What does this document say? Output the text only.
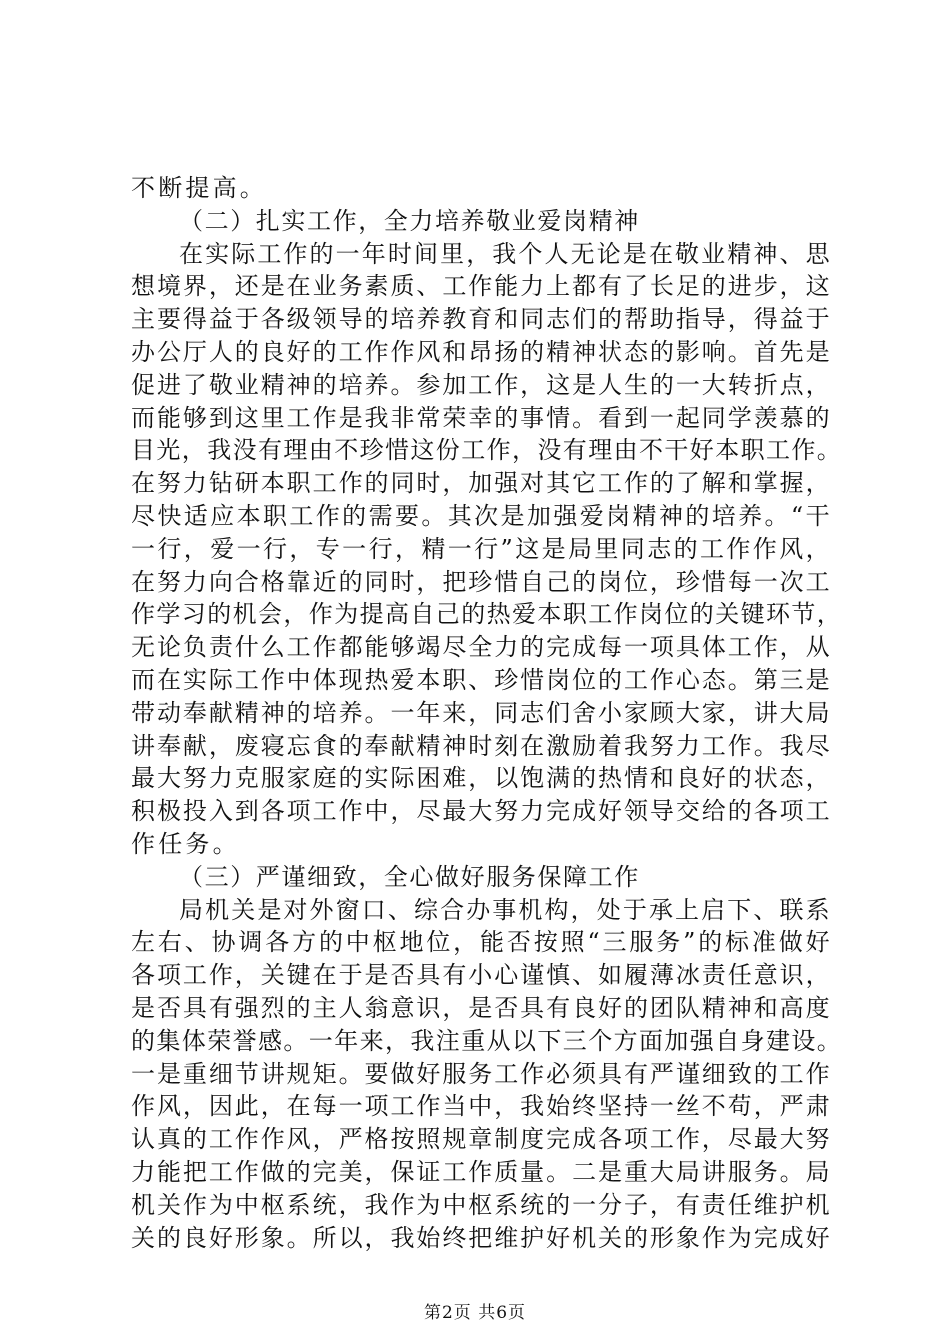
不断提高。
（二）扎实工作，全力培养敬业爱岗精神
在实际工作的一年时间里，我个人无论是在敬业精神、思
想境界，还是在业务素质、工作能力上都有了长足的进步，这
主要得益于各级领导的培养教育和同志们的帮助指导，得益于
办公厅人的良好的工作作风和昂扬的精神状态的影响。首先是
促进了敬业精神的培养。参加工作，这是人生的一大转折点，
而能够到这里工作是我非常荣幸的事情。看到一起同学羡慕的
目光，我没有理由不珍惜这份工作，没有理由不干好本职工作。
在努力钻研本职工作的同时，加强对其它工作的了解和掌握，
尽快适应本职工作的需要。其次是加强爱岗精神的培养。“干
一行，爱一行，专一行，精一行”这是局里同志的工作作风，
在努力向合格靠近的同时，把珍惜自己的岗位，珍惜每一次工
作学习的机会，作为提高自己的热爱本职工作岗位的关键环节，
无论负责什么工作都能够竭尽全力的完成每一项具体工作，从
而在实际工作中体现热爱本职、珍惜岗位的工作心态。第三是
带动奉献精神的培养。一年来，同志们舍小家顾大家，讲大局
讲奉献，废寝忘食的奉献精神时刻在激励着我努力工作。我尽
最大努力克服家庭的实际困难，以饱满的热情和良好的状态，
积极投入到各项工作中，尽最大努力完成好领导交给的各项工
作任务。
（三）严谨细致，全心做好服务保障工作
局机关是对外窗口、综合办事机构，处于承上启下、联系
左右、协调各方的中枢地位，能否按照“三服务”的标准做好
各项工作，关键在于是否具有小心谨慎、如履薄冰责任意识，
是否具有强烈的主人翁意识，是否具有良好的团队精神和高度
的集体荣誉感。一年来，我注重从以下三个方面加强自身建设。
一是重细节讲规矩。要做好服务工作必须具有严谨细致的工作
作风，因此，在每一项工作当中，我始终坚持一丝不苟，严肃
认真的工作作风，严格按照规章制度完成各项工作，尽最大努
力能把工作做的完美，保证工作质量。二是重大局讲服务。局
机关作为中枢系统，我作为中枢系统的一分子，有责任维护机
关的良好形象。所以，我始终把维护好机关的形象作为完成好
第2页 共6页
